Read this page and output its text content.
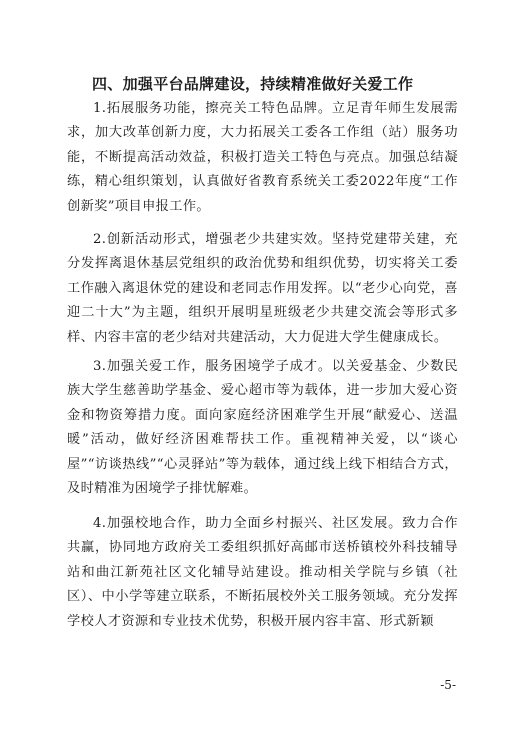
四、加强平台品牌建设，持续精准做好关爱工作

1.拓展服务功能，擦亮关工特色品牌。立足青年师生发展需求，加大改革创新力度，大力拓展关工委各工作组（站）服务功能，不断提高活动效益，积极打造关工特色与亮点。加强总结凝练，精心组织策划，认真做好省教育系统关工委2022年度“工作创新奖”项目申报工作。

2.创新活动形式，增强老少共建实效。坚持党建带关建，充分发挥离退休基层党组织的政治优势和组织优势，切实将关工委工作融入离退休党的建设和老同志作用发挥。以“老少心向党，喜迎二十大”为主题，组织开展明星班级老少共建交流会等形式多样、内容丰富的老少结对共建活动，大力促进大学生健康成长。

3.加强关爱工作，服务困境学子成才。以关爱基金、少数民族大学生慈善助学基金、爱心超市等为载体，进一步加大爱心资金和物资筹措力度。面向家庭经济困难学生开展“献爱心、送温暖”活动，做好经济困难帮扶工作。重视精神关爱，以“谈心屋”“访谈热线”“心灵驿站”等为载体，通过线上线下相结合方式，及时精准为困境学子排忧解难。

4.加强校地合作，助力全面乡村振兴、社区发展。致力合作共赢，协同地方政府关工委组织抓好高邮市送桥镇校外科技辅导站和曲江新苑社区文化辅导站建设。推动相关学院与乡镇（社区）、中小学等建立联系，不断拓展校外关工服务领域。充分发挥学校人才资源和专业技术优势，积极开展内容丰富、形式新颖

-5-
